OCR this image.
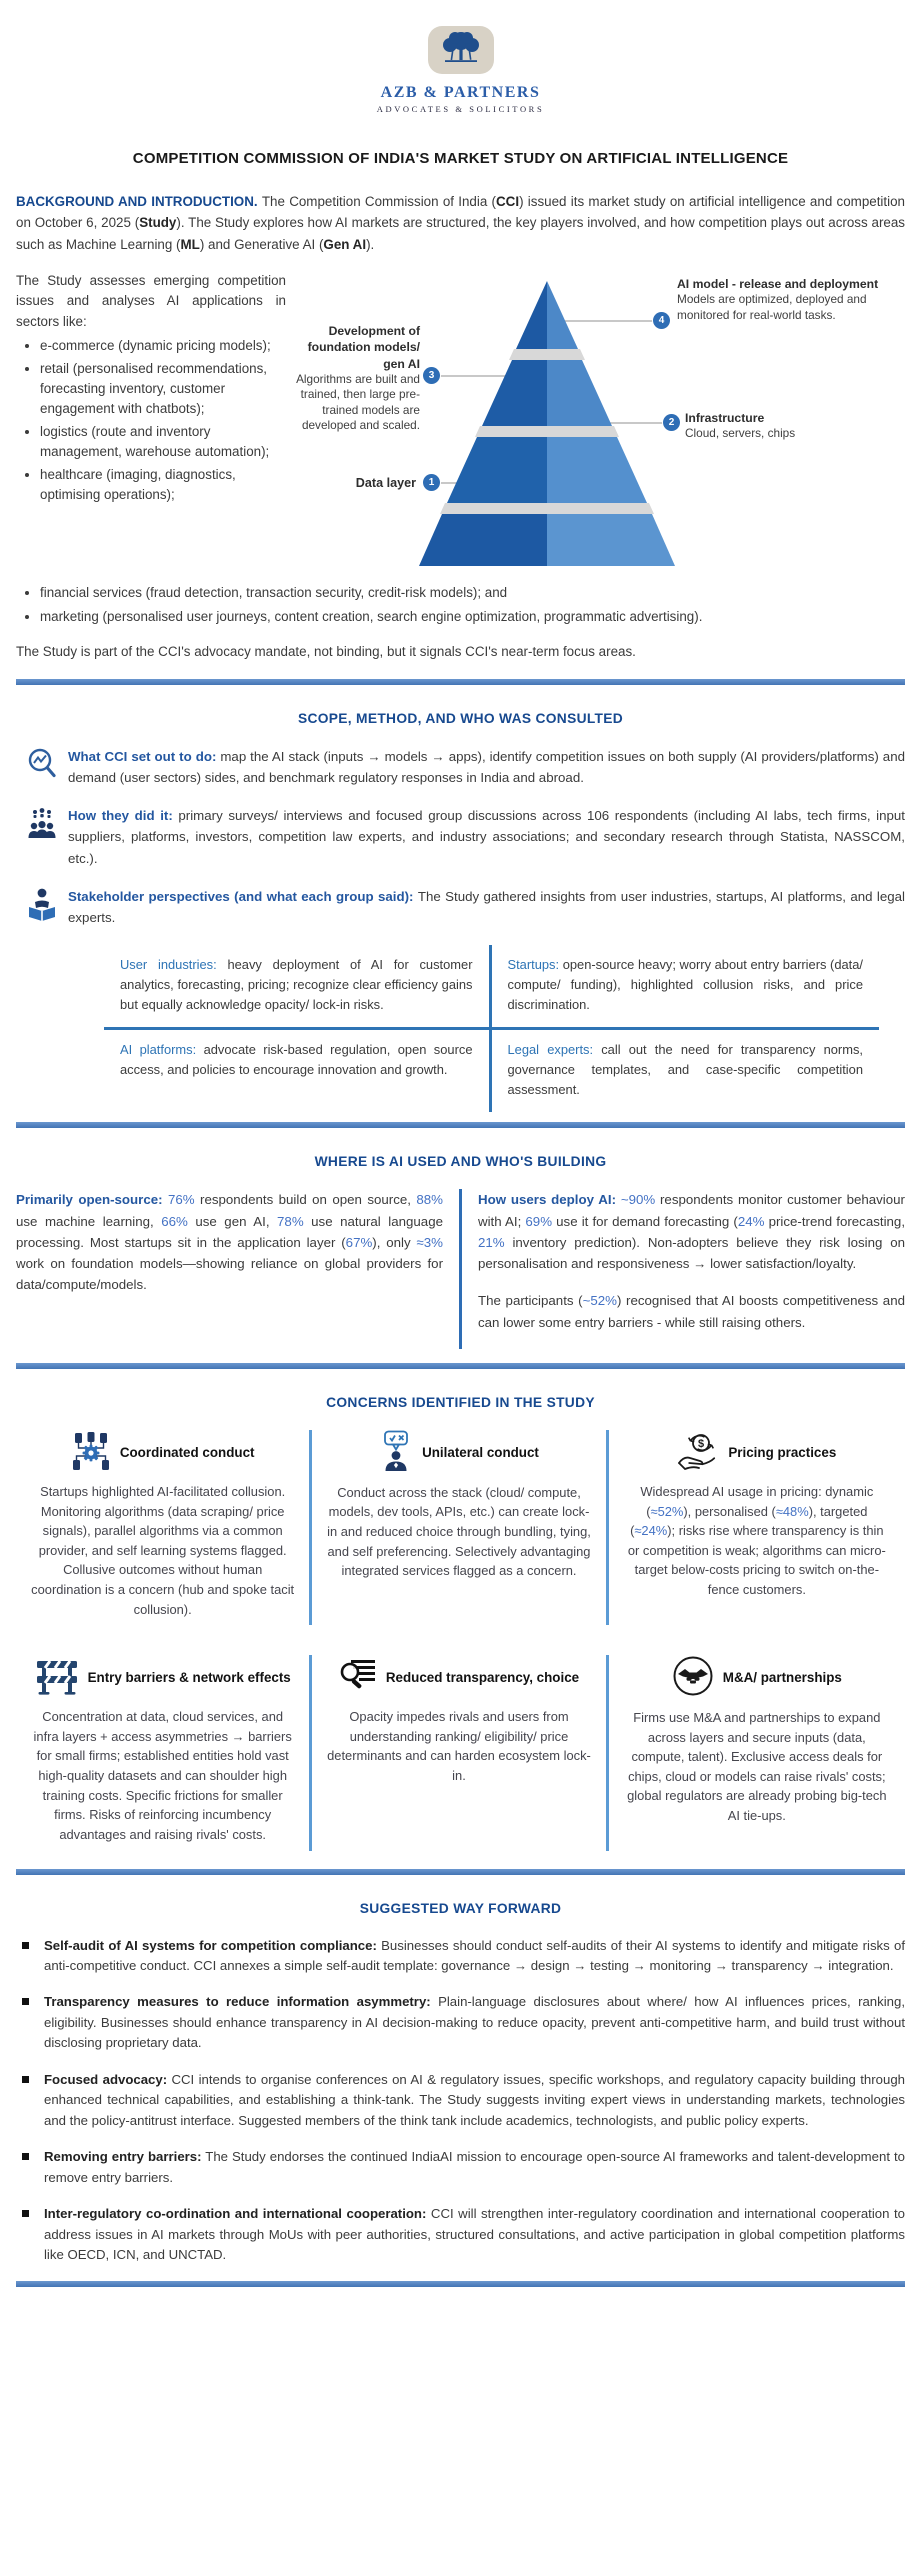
AZB & PARTNERS
ADVOCATES & SOLICITORS
COMPETITION COMMISSION OF INDIA'S MARKET STUDY ON ARTIFICIAL INTELLIGENCE

BACKGROUND AND INTRODUCTION. The Competition Commission of India (CCI) issued its market study on artificial intelligence and competition on October 6, 2025 (Study). The Study explores how AI markets are structured, the key players involved, and how competition plays out across areas such as Machine Learning (ML) and Generative AI (Gen AI).

The Study assesses emerging competition issues and analyses AI applications in sectors like:

• e-commerce (dynamic pricing models);
• retail (personalised recommendations, forecasting inventory, customer engagement with chatbots);
• logistics (route and inventory management, warehouse automation);
• healthcare (imaging, diagnostics, optimising operations);
1
2
3
4
Development of foundation models/ gen AI
Algorithms are built and trained, then large pre-trained models are developed and scaled.
Data layer
AI model - release and deployment
Models are optimized, deployed and monitored for real-world tasks.
Infrastructure
Cloud, servers, chips
• financial services (fraud detection, transaction security, credit-risk models); and
• marketing (personalised user journeys, content creation, search engine optimization, programmatic advertising).

The Study is part of the CCI's advocacy mandate, not binding, but it signals CCI's near-term focus areas.

SCOPE, METHOD, AND WHO WAS CONSULTED

What CCI set out to do: map the AI stack (inputs → models → apps), identify competition issues on both supply (AI providers/platforms) and demand (user sectors) sides, and benchmark regulatory responses in India and abroad.

How they did it: primary surveys/ interviews and focused group discussions across 106 respondents (including AI labs, tech firms, input suppliers, platforms, investors, competition law experts, and industry associations; and secondary research through Statista, NASSCOM, etc.).

Stakeholder perspectives (and what each group said): The Study gathered insights from user industries, startups, AI platforms, and legal experts.

User industries: heavy deployment of AI for customer analytics, forecasting, pricing; recognize clear efficiency gains but equally acknowledge opacity/ lock-in risks.
Startups: open-source heavy; worry about entry barriers (data/ compute/ funding), highlighted collusion risks, and price discrimination.
AI platforms: advocate risk-based regulation, open source access, and policies to encourage innovation and growth.
Legal experts: call out the need for transparency norms, governance templates, and case-specific competition assessment.
WHERE IS AI USED AND WHO'S BUILDING

Primarily open-source: 76% respondents build on open source, 88% use machine learning, 66% use gen AI, 78% use natural language processing. Most startups sit in the application layer (67%), only ≈3% work on foundation models—showing reliance on global providers for data/compute/models.

How users deploy AI: ~90% respondents monitor customer behaviour with AI; 69% use it for demand forecasting (24% price-trend forecasting, 21% inventory prediction). Non-adopters believe they risk losing on personalisation and responsiveness → lower satisfaction/loyalty.

The participants (~52%) recognised that AI boosts competitiveness and can lower some entry barriers - while still raising others.

CONCERNS IDENTIFIED IN THE STUDY
Coordinated conduct

Startups highlighted AI-facilitated collusion. Monitoring algorithms (data scraping/ price signals), parallel algorithms via a common provider, and self learning systems flagged. Collusive outcomes without human coordination is a concern (hub and spoke tacit collusion).

Unilateral conduct

Conduct across the stack (cloud/ compute, models, dev tools, APIs, etc.) can create lock-in and reduced choice through bundling, tying, and self preferencing. Selectively advantaging integrated services flagged as a concern.

$
Pricing practices

Widespread AI usage in pricing: dynamic (≈52%), personalised (≈48%), targeted (≈24%); risks rise where transparency is thin or competition is weak; algorithms can micro-target below-costs pricing to switch on-the-fence customers.

Entry barriers & network effects

Concentration at data, cloud services, and infra layers + access asymmetries → barriers for small firms; established entities hold vast high-quality datasets and can shoulder high training costs. Specific frictions for smaller firms. Risks of reinforcing incumbency advantages and raising rivals' costs.

Reduced transparency, choice

Opacity impedes rivals and users from understanding ranking/ eligibility/ price determinants and can harden ecosystem lock-in.

M&A/ partnerships

Firms use M&A and partnerships to expand across layers and secure inputs (data, compute, talent). Exclusive access deals for chips, cloud or models can raise rivals' costs; global regulators are already probing big-tech AI tie-ups.

SUGGESTED WAY FORWARD

Self-audit of AI systems for competition compliance: Businesses should conduct self-audits of their AI systems to identify and mitigate risks of anti-competitive conduct. CCI annexes a simple self-audit template: governance → design → testing → monitoring → transparency → integration.

Transparency measures to reduce information asymmetry: Plain-language disclosures about where/ how AI influences prices, ranking, eligibility. Businesses should enhance transparency in AI decision-making to reduce opacity, prevent anti-competitive harm, and build trust without disclosing proprietary data.

Focused advocacy: CCI intends to organise conferences on AI & regulatory issues, specific workshops, and regulatory capacity building through enhanced technical capabilities, and establishing a think-tank. The Study suggests inviting expert views in understanding markets, technologies and the policy-antitrust interface. Suggested members of the think tank include academics, technologists, and public policy experts.

Removing entry barriers: The Study endorses the continued IndiaAI mission to encourage open-source AI frameworks and talent-development to remove entry barriers.

Inter-regulatory co-ordination and international cooperation: CCI will strengthen inter-regulatory coordination and international cooperation to address issues in AI markets through MoUs with peer authorities, structured consultations, and active participation in global competition platforms like OECD, ICN, and UNCTAD.
